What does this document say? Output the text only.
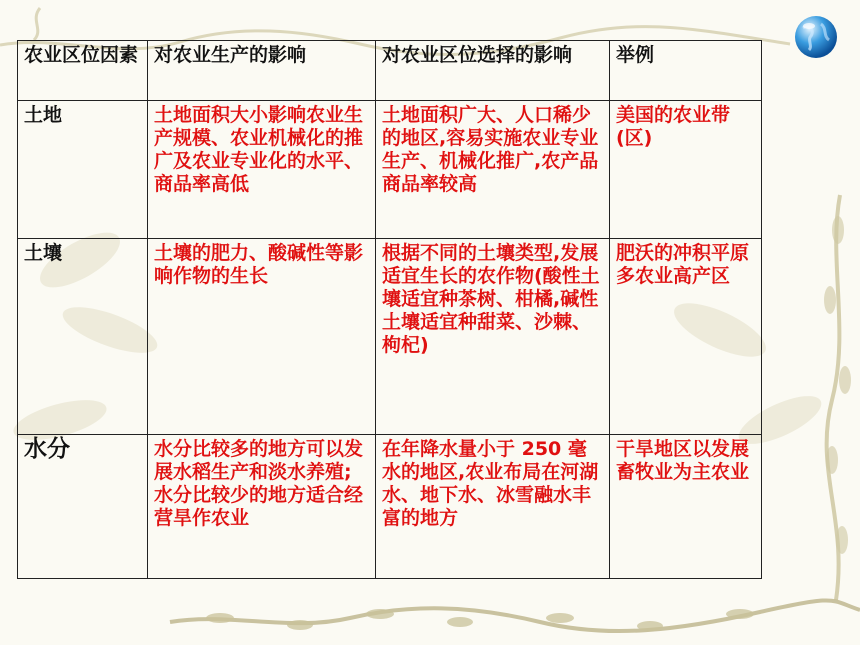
农业区位因素	对农业生产的影响	对农业区位选择的影响	举例
土地	土地面积大小影响农业生产规模、农业机械化的推广及农业专业化的水平、商品率高低	土地面积广大、人口稀少的地区,容易实施农业专业生产、机械化推广,农产品商品率较高	美国的农业带(区)
土壤	土壤的肥力、酸碱性等影响作物的生长	根据不同的土壤类型,发展适宜生长的农作物(酸性土壤适宜种茶树、柑橘,碱性土壤适宜种甜菜、沙棘、枸杞)	肥沃的冲积平原多农业高产区
水分	水分比较多的地方可以发展水稻生产和淡水养殖;水分比较少的地方适合经营旱作农业	在年降水量小于 250 毫水的地区,农业布局在河湖水、地下水、冰雪融水丰富的地方	干旱地区以发展畜牧业为主农业
